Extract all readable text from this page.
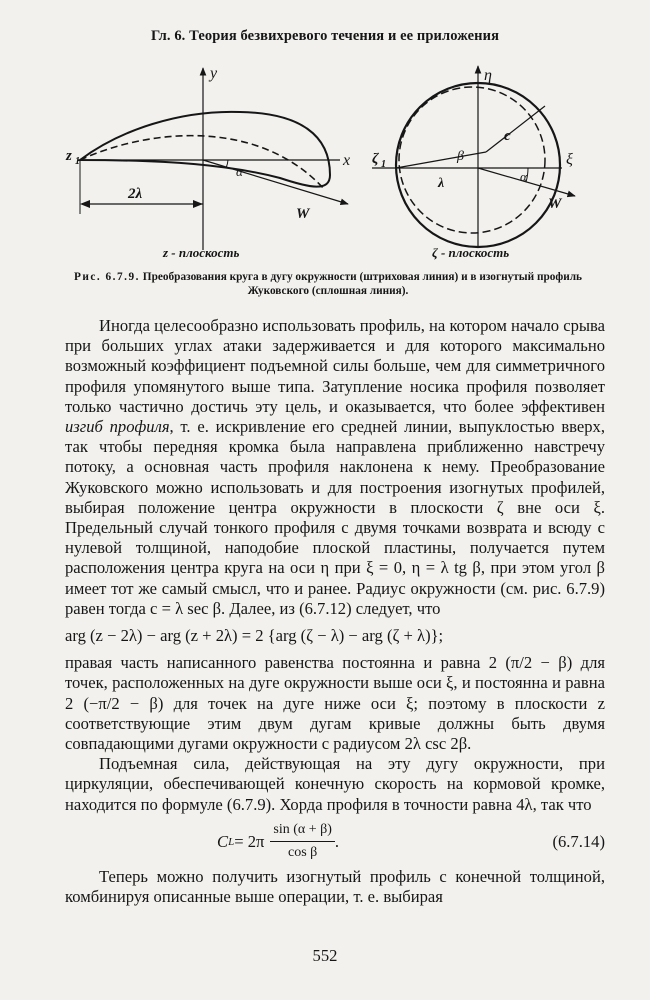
Гл. 6. Теория безвихревого течения и ее приложения
y
x
z 1
α
2λ
W
z - плоскость
η
ξ
ζ 1
c
β
λ	α
W
ζ - плоскость
Рис. 6.7.9. Преобразования круга в дугу окружности (штриховая линия) и в изогнутый профиль Жуковского (сплошная линия).

Иногда целесообразно использовать профиль, на котором начало срыва при больших углах атаки задерживается и для которого максимально возможный коэффициент подъемной силы больше, чем для симметричного профиля упомянутого выше типа. Затупление носика профиля позволяет только частично достичь эту цель, и оказывается, что более эффективен изгиб профиля, т. е. искривление его средней линии, выпуклостью вверх, так чтобы передняя кромка была направлена приближенно навстречу потоку, а основная часть профиля наклонена к нему. Преобразование Жуковского можно использовать и для построения изогнутых профилей, выбирая положение центра окружности в плоскости ζ вне оси ξ. Предельный случай тонкого профиля с двумя точками возврата и всюду с нулевой толщиной, наподобие плоской пластины, получается путем расположения центра круга на оси η при ξ = 0, η = λ tg β, при этом угол β имеет тот же самый смысл, что и ранее. Радиус окружности (см. рис. 6.7.9) равен тогда c = λ sec β. Далее, из (6.7.12) следует, что

arg (z − 2λ) − arg (z + 2λ) = 2 {arg (ζ − λ) − arg (ζ + λ)};

правая часть написанного равенства постоянна и равна 2 (π/2 − β) для точек, расположенных на дуге окружности выше оси ξ, и постоянна и равна 2 (−π/2 − β) для точек на дуге ниже оси ξ; поэтому в плоскости z соответствующие этим двум дугам кривые должны быть двумя совпадающими дугами окружности с радиусом 2λ csc 2β.

Подъемная сила, действующая на эту дугу окружности, при циркуляции, обеспечивающей конечную скорость на кормовой кромке, находится по формуле (6.7.9). Хорда профиля в точности равна 4λ, так что

C $L = 2\pi \frac{\sin (\alpha + \beta)}{\text{cos β}}$ .	(6.7.14)

Теперь можно получить изогнутый профиль с конечной толщиной, комбинируя описанные выше операции, т. е. выбирая

552
